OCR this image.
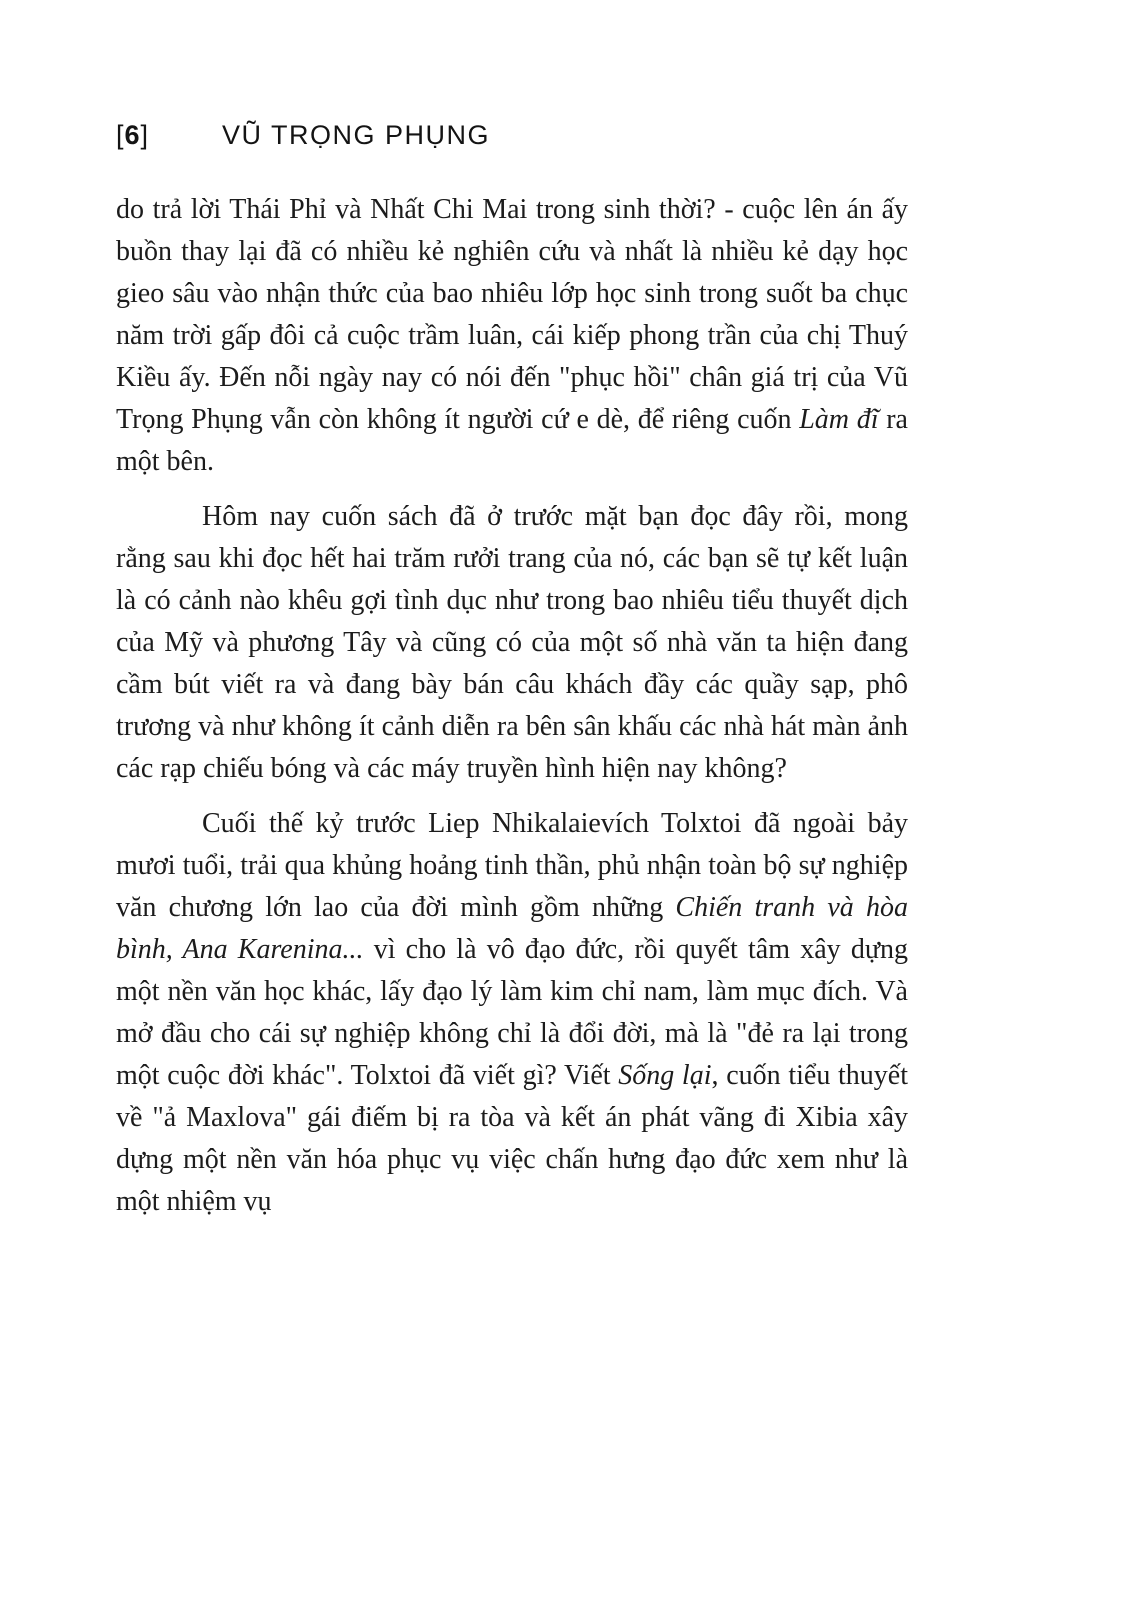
[6]	VŨ TRỌNG PHỤNG

do trả lời Thái Phỉ và Nhất Chi Mai trong sinh thời? - cuộc lên án ấy buồn thay lại đã có nhiều kẻ nghiên cứu và nhất là nhiều kẻ dạy học gieo sâu vào nhận thức của bao nhiêu lớp học sinh trong suốt ba chục năm trời gấp đôi cả cuộc trầm luân, cái kiếp phong trần của chị Thuý Kiều ấy. Đến nỗi ngày nay có nói đến "phục hồi" chân giá trị của Vũ Trọng Phụng vẫn còn không ít người cứ e dè, để riêng cuốn Làm đĩ ra một bên.

Hôm nay cuốn sách đã ở trước mặt bạn đọc đây rồi, mong rằng sau khi đọc hết hai trăm rưởi trang của nó, các bạn sẽ tự kết luận là có cảnh nào khêu gợi tình dục như trong bao nhiêu tiểu thuyết dịch của Mỹ và phương Tây và cũng có của một số nhà văn ta hiện đang cầm bút viết ra và đang bày bán câu khách đầy các quầy sạp, phô trương và như không ít cảnh diễn ra bên sân khấu các nhà hát màn ảnh các rạp chiếu bóng và các máy truyền hình hiện nay không?

Cuối thế kỷ trước Liep Nhikalaievích Tolxtoi đã ngoài bảy mươi tuổi, trải qua khủng hoảng tinh thần, phủ nhận toàn bộ sự nghiệp văn chương lớn lao của đời mình gồm những Chiến tranh và hòa bình, Ana Karenina... vì cho là vô đạo đức, rồi quyết tâm xây dựng một nền văn học khác, lấy đạo lý làm kim chỉ nam, làm mục đích. Và mở đầu cho cái sự nghiệp không chỉ là đổi đời, mà là "đẻ ra lại trong một cuộc đời khác". Tolxtoi đã viết gì? Viết Sống lại, cuốn tiểu thuyết về "ả Maxlova" gái điếm bị ra tòa và kết án phát vãng đi Xibia xây dựng một nền văn hóa phục vụ việc chấn hưng đạo đức xem như là một nhiệm vụ
